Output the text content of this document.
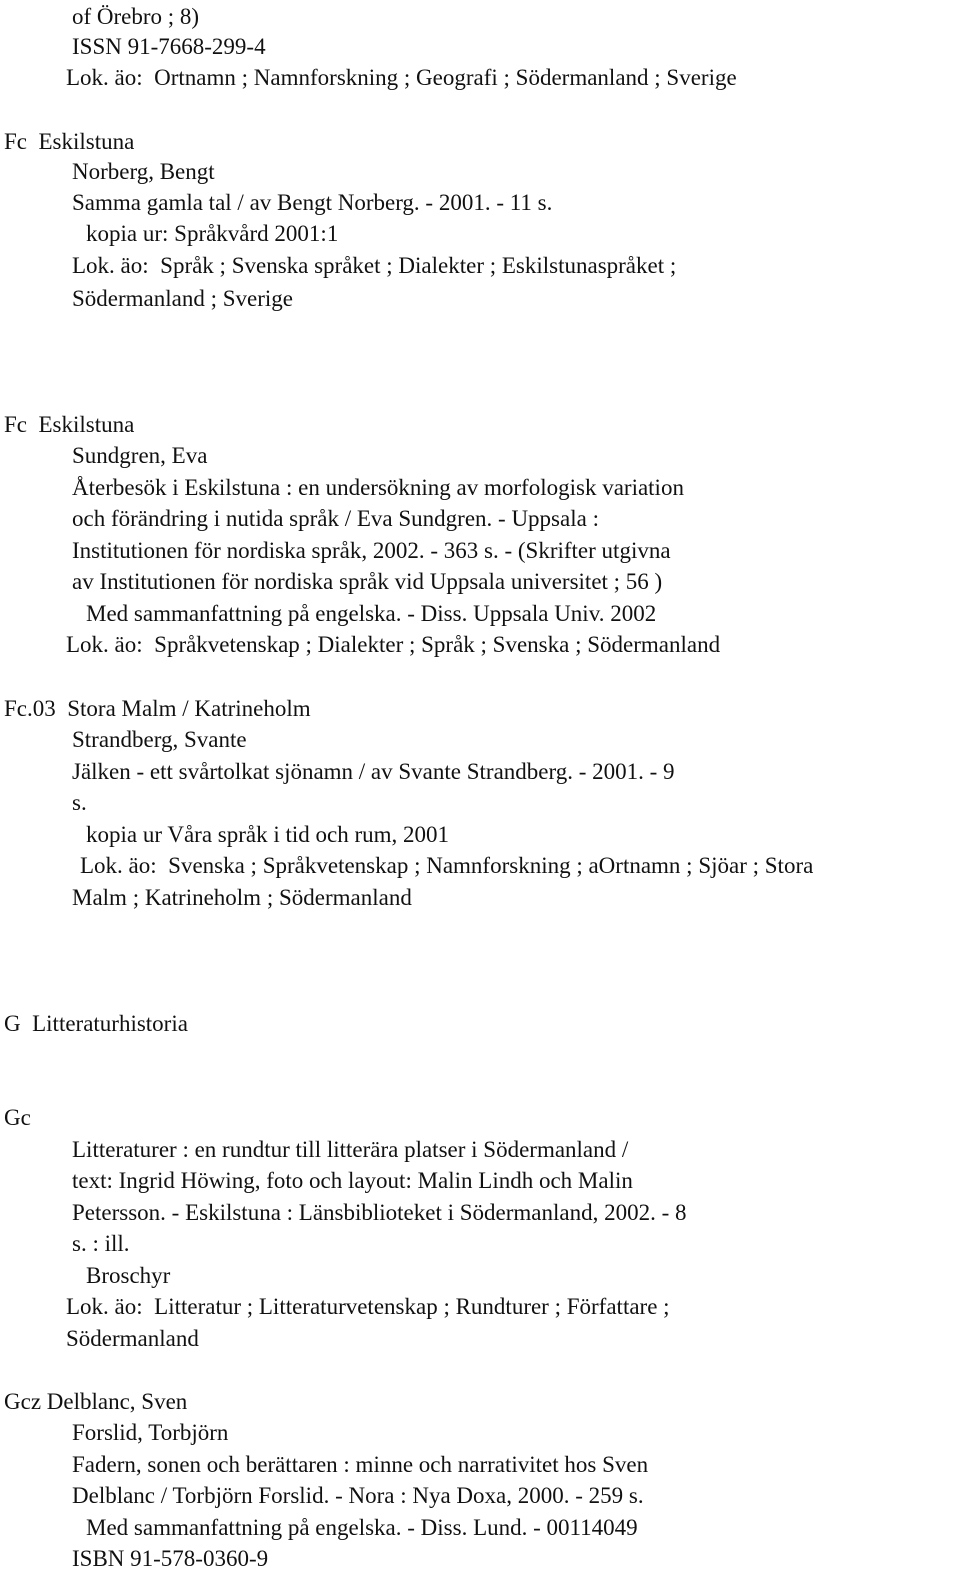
of Örebro ; 8)
ISSN 91-7668-299-4
Lok. äo:  Ortnamn ; Namnforskning ; Geografi ; Södermanland ; Sverige
Fc  Eskilstuna
Norberg, Bengt
Samma gamla tal / av Bengt Norberg. - 2001. - 11 s.
kopia ur: Språkvård 2001:1
Lok. äo:  Språk ; Svenska språket ; Dialekter ; Eskilstunaspråket ;
Södermanland ; Sverige
Fc  Eskilstuna
Sundgren, Eva
Återbesök i Eskilstuna : en undersökning av morfologisk variation
och förändring i nutida språk / Eva Sundgren. - Uppsala :
Institutionen för nordiska språk, 2002. - 363 s. - (Skrifter utgivna
av Institutionen för nordiska språk vid Uppsala universitet ; 56 )
Med sammanfattning på engelska. - Diss. Uppsala Univ. 2002
Lok. äo:  Språkvetenskap ; Dialekter ; Språk ; Svenska ; Södermanland
Fc.03  Stora Malm / Katrineholm
Strandberg, Svante
Jälken - ett svårtolkat sjönamn / av Svante Strandberg. - 2001. - 9
s.
kopia ur Våra språk i tid och rum, 2001
Lok. äo:  Svenska ; Språkvetenskap ; Namnforskning ; aOrtnamn ; Sjöar ; Stora
Malm ; Katrineholm ; Södermanland
G  Litteraturhistoria
Gc
Litteraturer : en rundtur till litterära platser i Södermanland /
text: Ingrid Höwing, foto och layout: Malin Lindh och Malin
Petersson. - Eskilstuna : Länsbiblioteket i Södermanland, 2002. - 8
s. : ill.
Broschyr
Lok. äo:  Litteratur ; Litteraturvetenskap ; Rundturer ; Författare ;
Södermanland
Gcz Delblanc, Sven
Forslid, Torbjörn
Fadern, sonen och berättaren : minne och narrativitet hos Sven
Delblanc / Torbjörn Forslid. - Nora : Nya Doxa, 2000. - 259 s.
Med sammanfattning på engelska. - Diss. Lund. - 00114049
ISBN 91-578-0360-9
